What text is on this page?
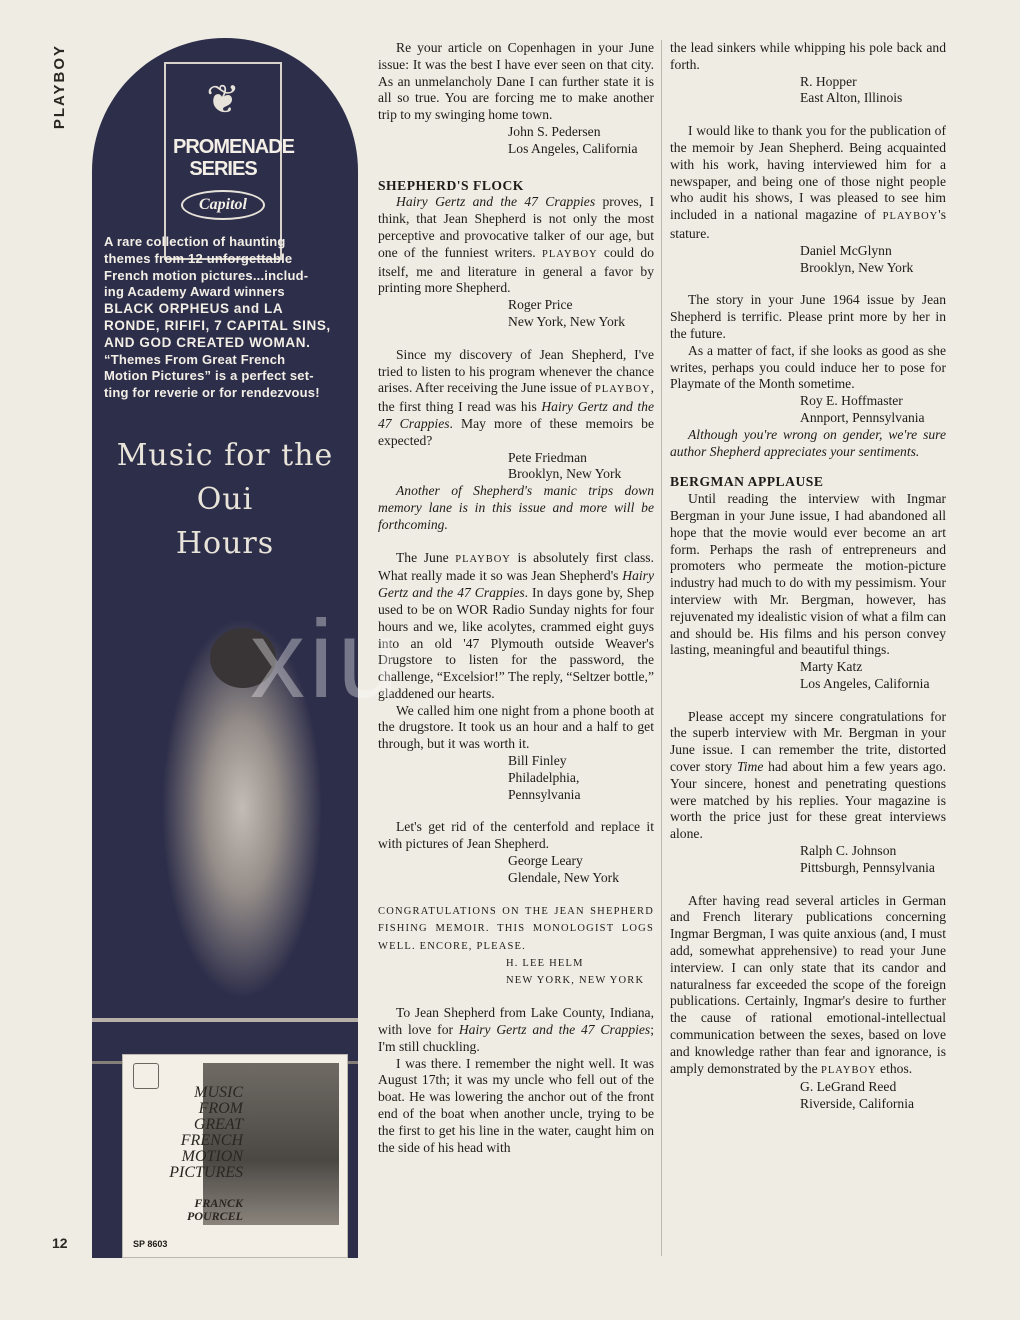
PLAYBOY
12
❦
PROMENADE SERIES
Capitol
A rare collection of haunting
themes from 12 unforgettable
French motion pictures...includ-
ing Academy Award winners
BLACK ORPHEUS and LA
RONDE, RIFIFI, 7 CAPITAL SINS,
AND GOD CREATED WOMAN.
“Themes From Great French
Motion Pictures” is a perfect set-
ting for reverie or for rendezvous!
Music for the
Oui
Hours
MUSIC
FROM
GREAT
FRENCH
MOTION
PICTURES
FRANCK
POURCEL
SP 8603

Re your article on Copenhagen in your June issue: It was the best I have ever seen on that city. As an unmelancholy Dane I can further state it is all so true. You are forcing me to make another trip to my swinging home town.

John S. Pedersen
Los Angeles, California
SHEPHERD'S FLOCK

Hairy Gertz and the 47 Crappies proves, I think, that Jean Shepherd is not only the most perceptive and provocative talker of our age, but one of the funniest writers. PLAYBOY could do itself, me and literature in general a favor by printing more Shepherd.

Roger Price
New York, New York

Since my discovery of Jean Shepherd, I've tried to listen to his program whenever the chance arises. After receiving the June issue of PLAYBOY, the first thing I read was his Hairy Gertz and the 47 Crappies. May more of these memoirs be expected?

Pete Friedman
Brooklyn, New York

Another of Shepherd's manic trips down memory lane is in this issue and more will be forthcoming.

The June PLAYBOY is absolutely first class. What really made it so was Jean Shepherd's Hairy Gertz and the 47 Crappies. In days gone by, Shep used to be on WOR Radio Sunday nights for four hours and we, like acolytes, crammed eight guys into an old '47 Plymouth outside Weaver's Drugstore to listen for the password, the challenge, “Excelsior!” The reply, “Seltzer bottle,” gladdened our hearts.

We called him one night from a phone booth at the drugstore. It took us an hour and a half to get through, but it was worth it.

Bill Finley
Philadelphia, Pennsylvania

Let's get rid of the centerfold and replace it with pictures of Jean Shepherd.

George Leary
Glendale, New York

CONGRATULATIONS ON THE JEAN SHEPHERD FISHING MEMOIR. THIS MONOLOGIST LOGS WELL. ENCORE, PLEASE.

H. LEE HELM
NEW YORK, NEW YORK

To Jean Shepherd from Lake County, Indiana, with love for Hairy Gertz and the 47 Crappies; I'm still chuckling.

I was there. I remember the night well. It was August 17th; it was my uncle who fell out of the boat. He was lowering the anchor out of the front end of the boat when another uncle, trying to be the first to get his line in the water, caught him on the side of his head with

the lead sinkers while whipping his pole back and forth.

R. Hopper
East Alton, Illinois

I would like to thank you for the publication of the memoir by Jean Shepherd. Being acquainted with his work, having interviewed him for a newspaper, and being one of those night people who audit his shows, I was pleased to see him included in a national magazine of PLAYBOY's stature.

Daniel McGlynn
Brooklyn, New York

The story in your June 1964 issue by Jean Shepherd is terrific. Please print more by her in the future.

As a matter of fact, if she looks as good as she writes, perhaps you could induce her to pose for Playmate of the Month sometime.

Roy E. Hoffmaster
Annport, Pennsylvania

Although you're wrong on gender, we're sure author Shepherd appreciates your sentiments.

BERGMAN APPLAUSE

Until reading the interview with Ingmar Bergman in your June issue, I had abandoned all hope that the movie would ever become an art form. Perhaps the rash of entrepreneurs and promoters who permeate the motion-picture industry had much to do with my pessimism. Your interview with Mr. Bergman, however, has rejuvenated my idealistic vision of what a film can and should be. His films and his person convey lasting, meaningful and beautiful things.

Marty Katz
Los Angeles, California

Please accept my sincere congratulations for the superb interview with Mr. Bergman in your June issue. I can remember the trite, distorted cover story Time had about him a few years ago. Your sincere, honest and penetrating questions were matched by his replies. Your magazine is worth the price just for these great interviews alone.

Ralph C. Johnson
Pittsburgh, Pennsylvania

After having read several articles in German and French literary publications concerning Ingmar Bergman, I was quite anxious (and, I must add, somewhat apprehensive) to read your June interview. I can only state that its candor and naturalness far exceeded the scope of the foreign publications. Certainly, Ingmar's desire to further the cause of rational emotional-intellectual communication between the sexes, based on love and knowledge rather than fear and ignorance, is amply demonstrated by the PLAYBOY ethos.

G. LeGrand Reed
Riverside, California
xiu
